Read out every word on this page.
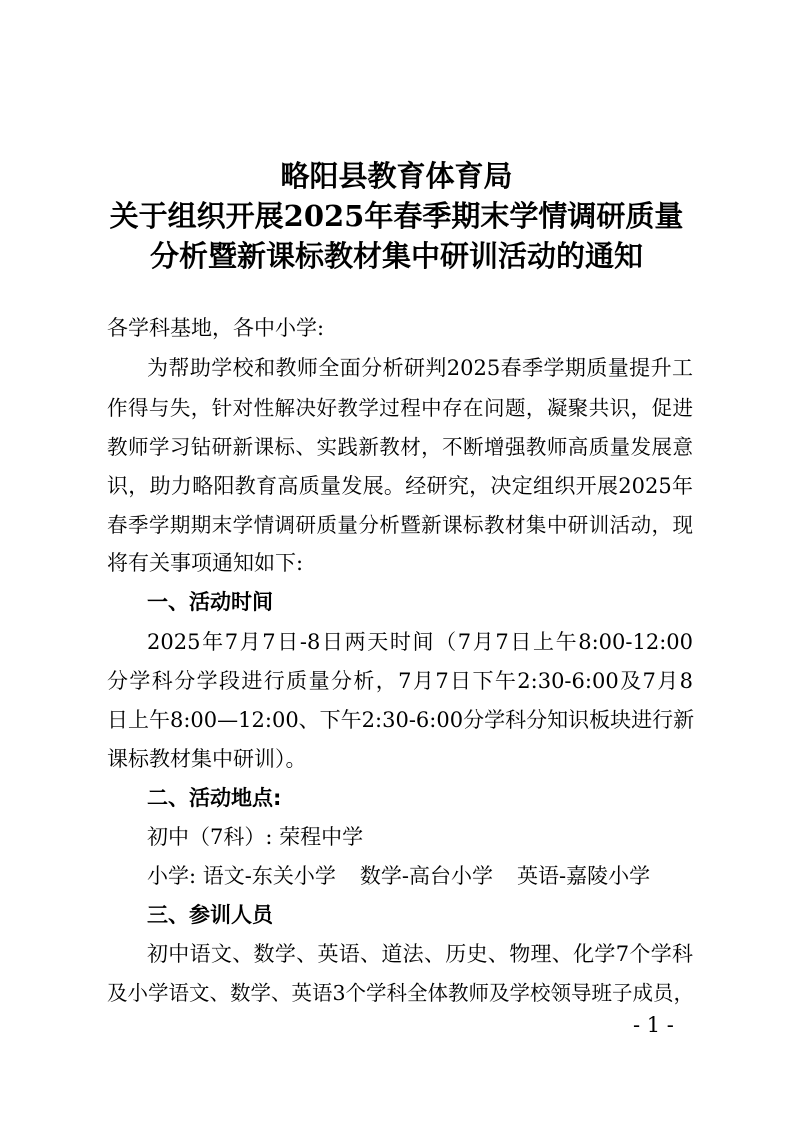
略阳县教育体育局
关于组织开展2025年春季期末学情调研质量
分析暨新课标教材集中研训活动的通知
各学科基地，各中小学:
为帮助学校和教师全面分析研判2025春季学期质量提升工
作得与失，针对性解决好教学过程中存在问题，凝聚共识，促进
教师学习钻研新课标、实践新教材，不断增强教师高质量发展意
识，助力略阳教育高质量发展。经研究，决定组织开展2025年
春季学期期末学情调研质量分析暨新课标教材集中研训活动，现
将有关事项通知如下:
一、活动时间
2025年7月7日-8日两天时间（7月7日上午8:00-12:00
分学科分学段进行质量分析，7月7日下午2:30-6:00及7月8
日上午8:00—12:00、下午2:30-6:00分学科分知识板块进行新
课标教材集中研训）。
二、活动地点:
初中（7科）: 荣程中学
小学: 语文-东关小学 数学-高台小学 英语-嘉陵小学
三、参训人员
初中语文、数学、英语、道法、历史、物理、化学7个学科
及小学语文、数学、英语3个学科全体教师及学校领导班子成员，
- 1 -
